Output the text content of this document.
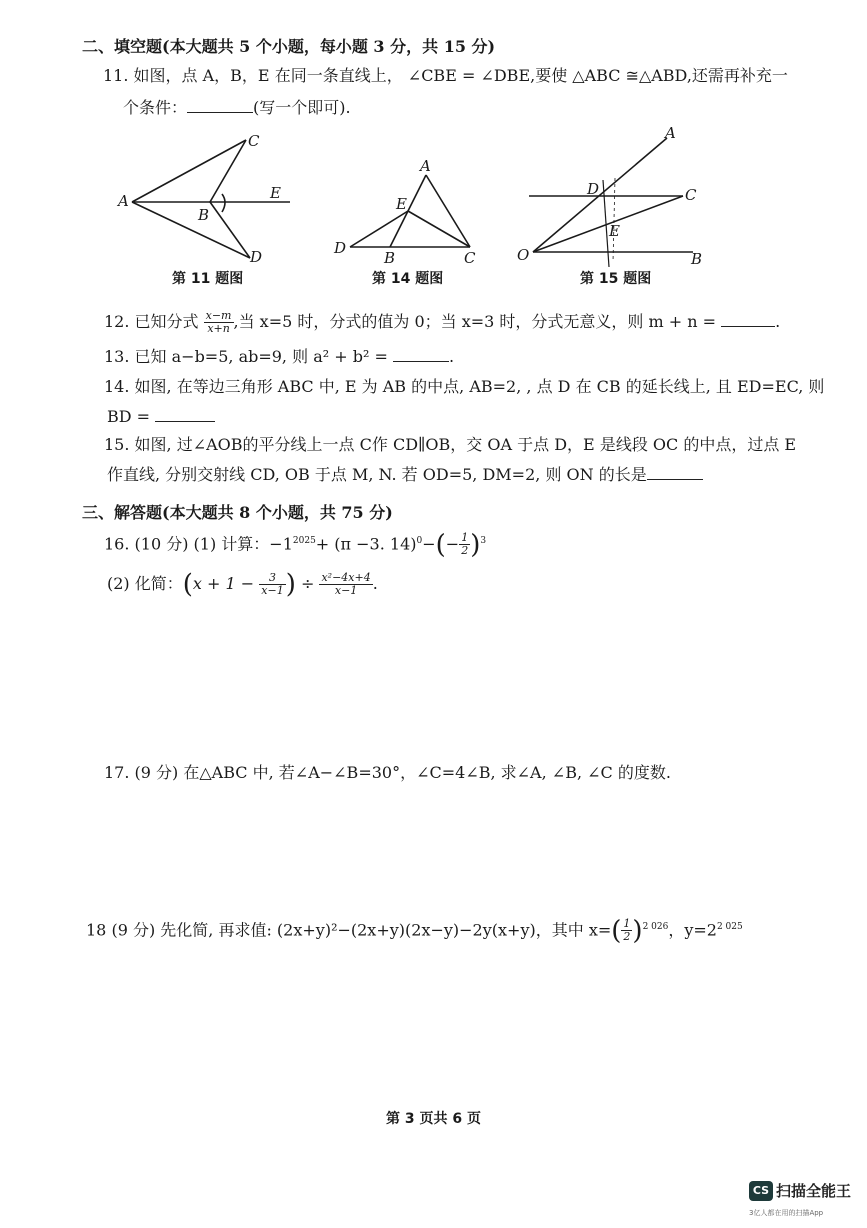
二、填空题(本大题共 5 个小题，每小题 3 分，共 15 分)
11. 如图，点 A，B，E 在同一条直线上， ∠CBE = ∠DBE,要使 △ABC ≅△ABD,还需再补充一
个条件：	(写一个即可).
A
B
C
D
E
第 11 题图
A
B	C
D
E
第 14 题图
O
A
B
C
D
E
第 15 题图
12. 已知分式 $\frac{x-m}{x+n}$ ,当 x=5 时，分式的值为 0；当 x=3 时，分式无意义，则 m + n =	.
13. 已知 a−b=5, ab=9, 则 a² + b² =	.
14. 如图, 在等边三角形 ABC 中, E 为 AB 的中点, AB=2, , 点 D 在 CB 的延长线上, 且 ED=EC, 则
BD =
15. 如图, 过∠AOB的平分线上一点 C作 CD∥OB，交 OA 于点 D，E 是线段 OC 的中点，过点 E
作直线, 分别交射线 CD, OB 于点 M, N. 若 OD=5, DM=2, 则 ON 的长是
三、解答题(本大题共 8 个小题，共 75 分)
16. (10 分) (1) 计算：$-1^{2025}+ (\pi -3$. $14)^0-(- \frac{1}{2} )^3$
(2) 化简：($x + 1 - \frac{3}{x-1}$ ) ÷ $\frac{\text{x²−4x+4}}{x-1}$ .
17. (9 分) 在△ABC 中, 若∠A−∠B=30°，∠C=4∠B, 求∠A, ∠B, ∠C 的度数.
18 (9 分) 先化简, 再求值: (2x+y)²−(2x+y)(2x−y)−2y(x+y)，其中 $x=( \frac{1}{2} )^{2 026}$，$y=2^{2 025}$
第 3 页共 6 页
CS 扫描全能王
3亿人都在用的扫描App
